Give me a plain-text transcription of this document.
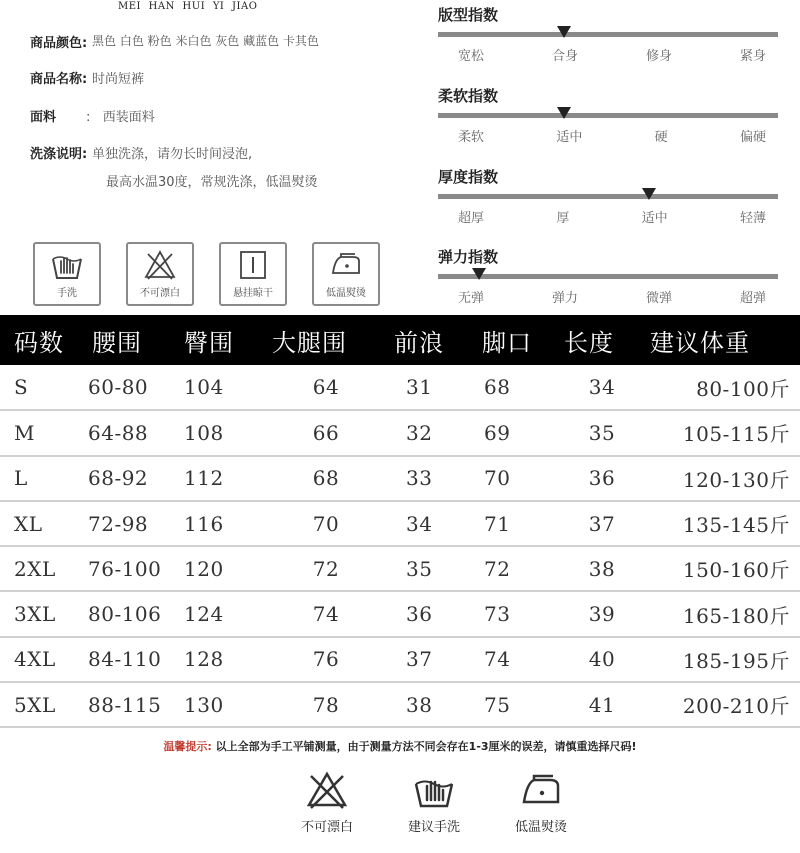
MEI HAN HUI YI JIAO
商品颜色: 黑色 白色 粉色 米白色 灰色 藏蓝色 卡其色
商品名称: 时尚短裤
面料	:   西装面料
洗涤说明: 单独洗涤，请勿长时间浸泡,
最高水温30度，常规洗涤，低温熨烫
手洗	不可漂白	悬挂晾干	低温熨烫
版型指数
宽松	合身	修身	紧身
柔软指数
柔软	适中	硬	偏硬
厚度指数
超厚	厚	适中	轻薄
弹力指数
无弹	弹力	微弹	超弹
码数	腰围	臀围	大腿围	前浪	脚口	长度	建议体重
S	60-80	104	64	31	68	34	80-100斤
M	64-88	108	66	32	69	35	105-115斤
L	68-92	112	68	33	70	36	120-130斤
XL	72-98	116	70	34	71	37	135-145斤
2XL	76-100	120	72	35	72	38	150-160斤
3XL	80-106	124	74	36	73	39	165-180斤
4XL	84-110	128	76	37	74	40	185-195斤
5XL	88-115	130	78	38	75	41	200-210斤
温馨提示: 以上全部为手工平铺测量，由于测量方法不同会存在1-3厘米的误差，请慎重选择尺码!
不可漂白	建议手洗	低温熨烫
